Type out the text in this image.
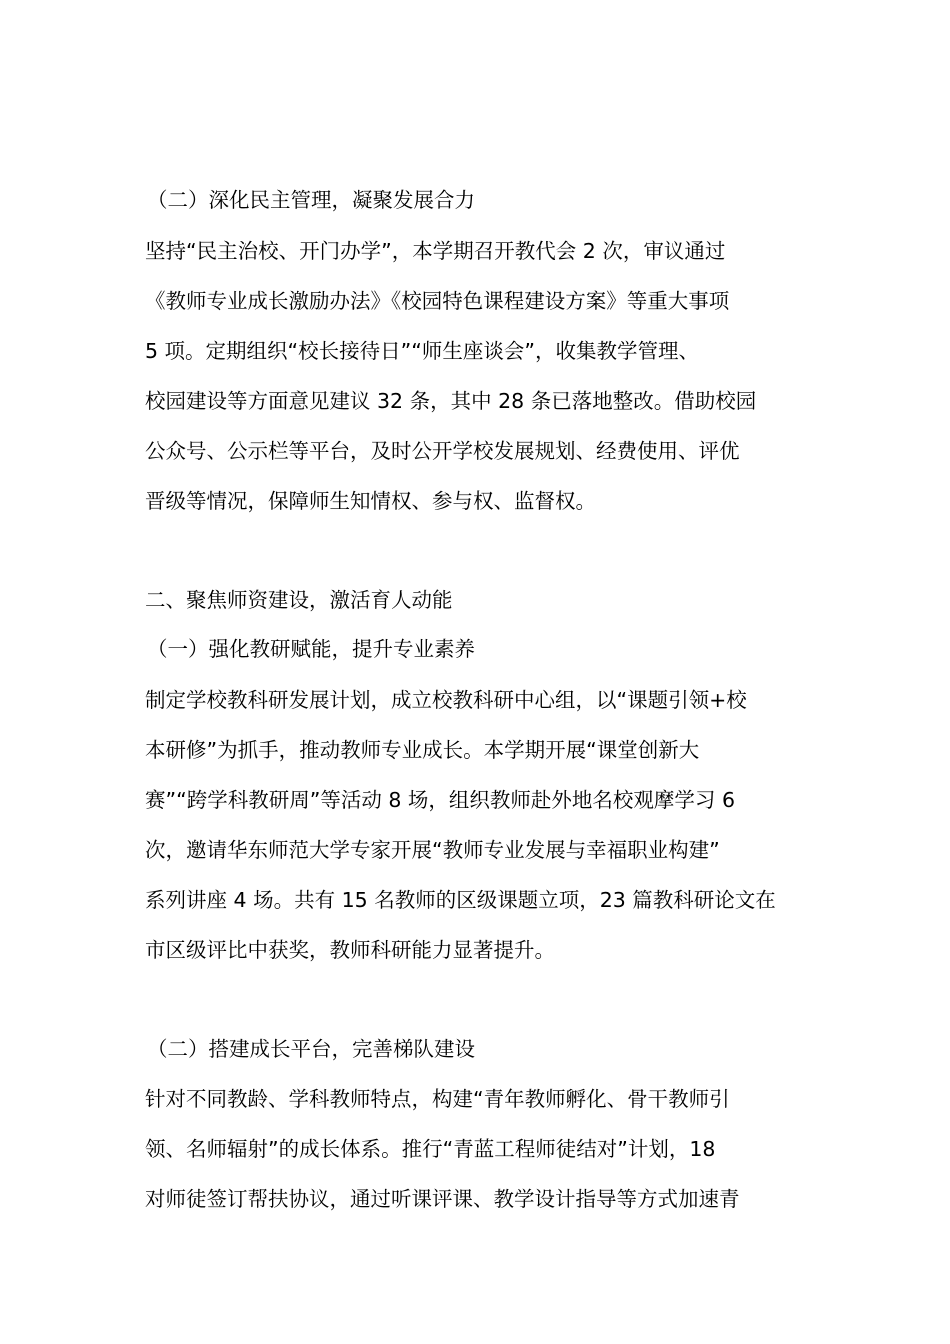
（二）深化民主管理，凝聚发展合力
坚持“民主治校、开门办学”，本学期召开教代会 2 次，审议通过
《教师专业成长激励办法》《校园特色课程建设方案》等重大事项
5 项。定期组织“校长接待日”“师生座谈会”，收集教学管理、
校园建设等方面意见建议 32 条，其中 28 条已落地整改。借助校园
公众号、公示栏等平台，及时公开学校发展规划、经费使用、评优
晋级等情况，保障师生知情权、参与权、监督权。
二、聚焦师资建设，激活育人动能
（一）强化教研赋能，提升专业素养
制定学校教科研发展计划，成立校教科研中心组，以“课题引领+校
本研修”为抓手，推动教师专业成长。本学期开展“课堂创新大
赛”“跨学科教研周”等活动 8 场，组织教师赴外地名校观摩学习 6
次，邀请华东师范大学专家开展“教师专业发展与幸福职业构建”
系列讲座 4 场。共有 15 名教师的区级课题立项，23 篇教科研论文在
市区级评比中获奖，教师科研能力显著提升。
（二）搭建成长平台，完善梯队建设
针对不同教龄、学科教师特点，构建“青年教师孵化、骨干教师引
领、名师辐射”的成长体系。推行“青蓝工程师徒结对”计划，18
对师徒签订帮扶协议，通过听课评课、教学设计指导等方式加速青
